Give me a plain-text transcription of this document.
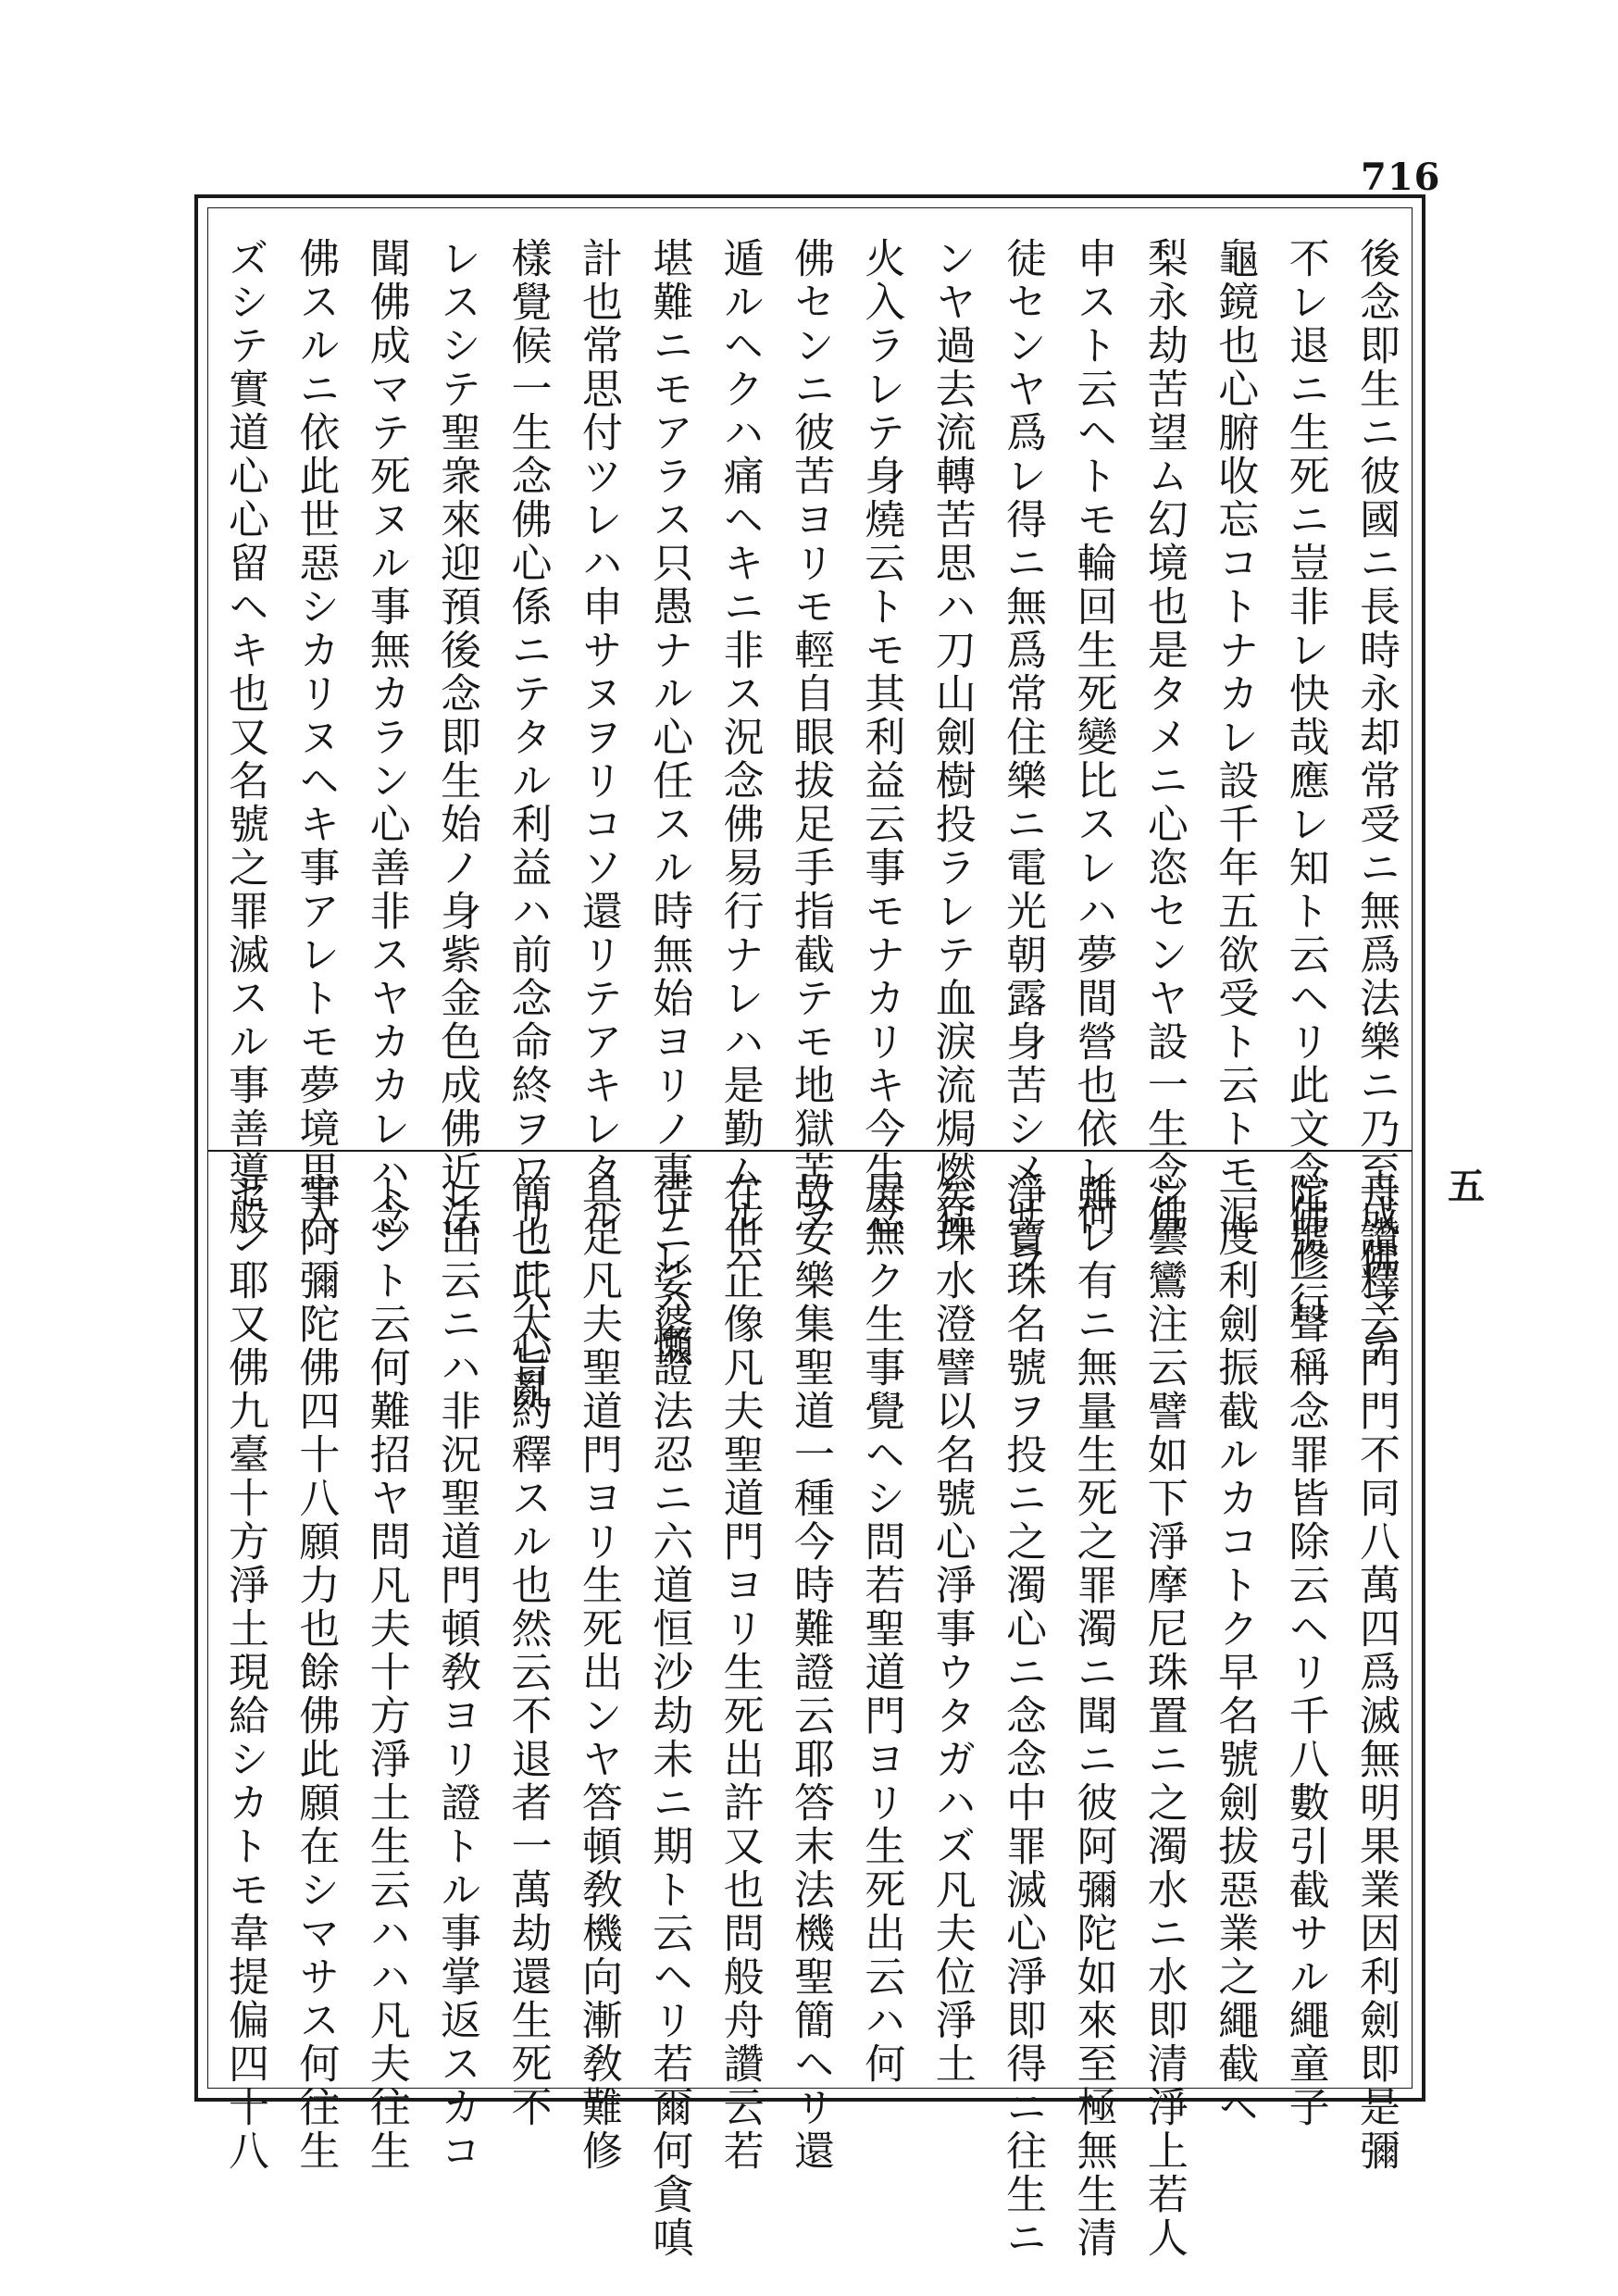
716
五
後念即生ニ彼國ニ長時永却常受ニ無爲法樂ニ乃至成佛マテ
不レ退ニ生死ニ豈非レ快哉應レ知ト云ヘリ此文念佛修行
龜鏡也心腑收忘コトナカレ設千年五欲受ト云トモ泥
梨永劫苦望ム幻境也是タメニ心恣センヤ設一生念佛
申スト云ヘトモ輪回生死變比スレハ夢間營也依レ何
徒センヤ爲レ得ニ無爲常住樂ニ電光朝露身苦シメサラ
ンヤ過去流轉苦思ハ刀山劍樹投ラレテ血淚流焗燃猛
火入ラレテ身燒云トモ其利益云事モナカリキ今生念
佛センニ彼苦ヨリモ輕自眼拔足手指截テモ地獄苦ヲ
遁ルヘクハ痛ヘキニ非ス況念佛易行ナレハ是勤ムルハ
堪難ニモアラス只愚ナル心任スル時無始ヨリノ事ナレハ懶
計也常思付ツレハ申サヌヲリコソ還リテアキレタル
樣覺候一生念佛心係ニテタル利益ハ前念命終ヲワリニハ心亂
レスシテ聖衆來迎預後念即生始ノ身紫金色成佛近法
聞佛成マテ死ヌル事無カラン心善非スヤカカレハ念
佛スルニ依此世惡シカリヌヘキ事アレトモ夢境思入
ズシテ實道心心留ヘキ也又名號之罪滅スル事善導般
舟讚釋云門門不同八萬四爲滅無明果業因利劍即是彌
陀號一聲稱念罪皆除云ヘリ千八數引截サル繩童子
一度利劍振截ルカコトク早名號劍拔惡業之繩截ヘ
シ曇鸞注云譬如下淨摩尼珠置ニ之濁水ニ水即清淨上若人
雖レ有ニ無量生死之罪濁ニ聞ニ彼阿彌陀如來至極無生清
淨寶珠名號ヲ投ニ之濁心ニ念念中罪滅心淨即得ニ往生ニ
矣珠水澄譬以名號心淨事ウタガハズ凡夫位淨土
屏無ク生事覺ヘシ問若聖道門ヨリ生死出云ハ何
故安樂集聖道一種今時難證云耶答末法機聖簡ヘリ還
在世正像凡夫聖道門ヨリ生死出許又也問般舟讚云若
待ニ娑婆證法忍ニ六道恒沙劫未ニ期ト云ヘリ若爾何貪嗔
具足凡夫聖道門ヨリ生死出ンヤ答頓敎機向漸敎難修
簡也此大旨約釋スル也然云不退者一萬劫還生死不
レ出云ニハ非況聖道門頓敎ヨリ證トル事掌返スカコ
トシト云何難招ヤ問凡夫十方淨土生云ハハ凡夫往生
事阿彌陀佛四十八願力也餘佛此願在シマサス何往生
セン耶又佛九臺十方淨土現給シカトモ韋提偏四十八
